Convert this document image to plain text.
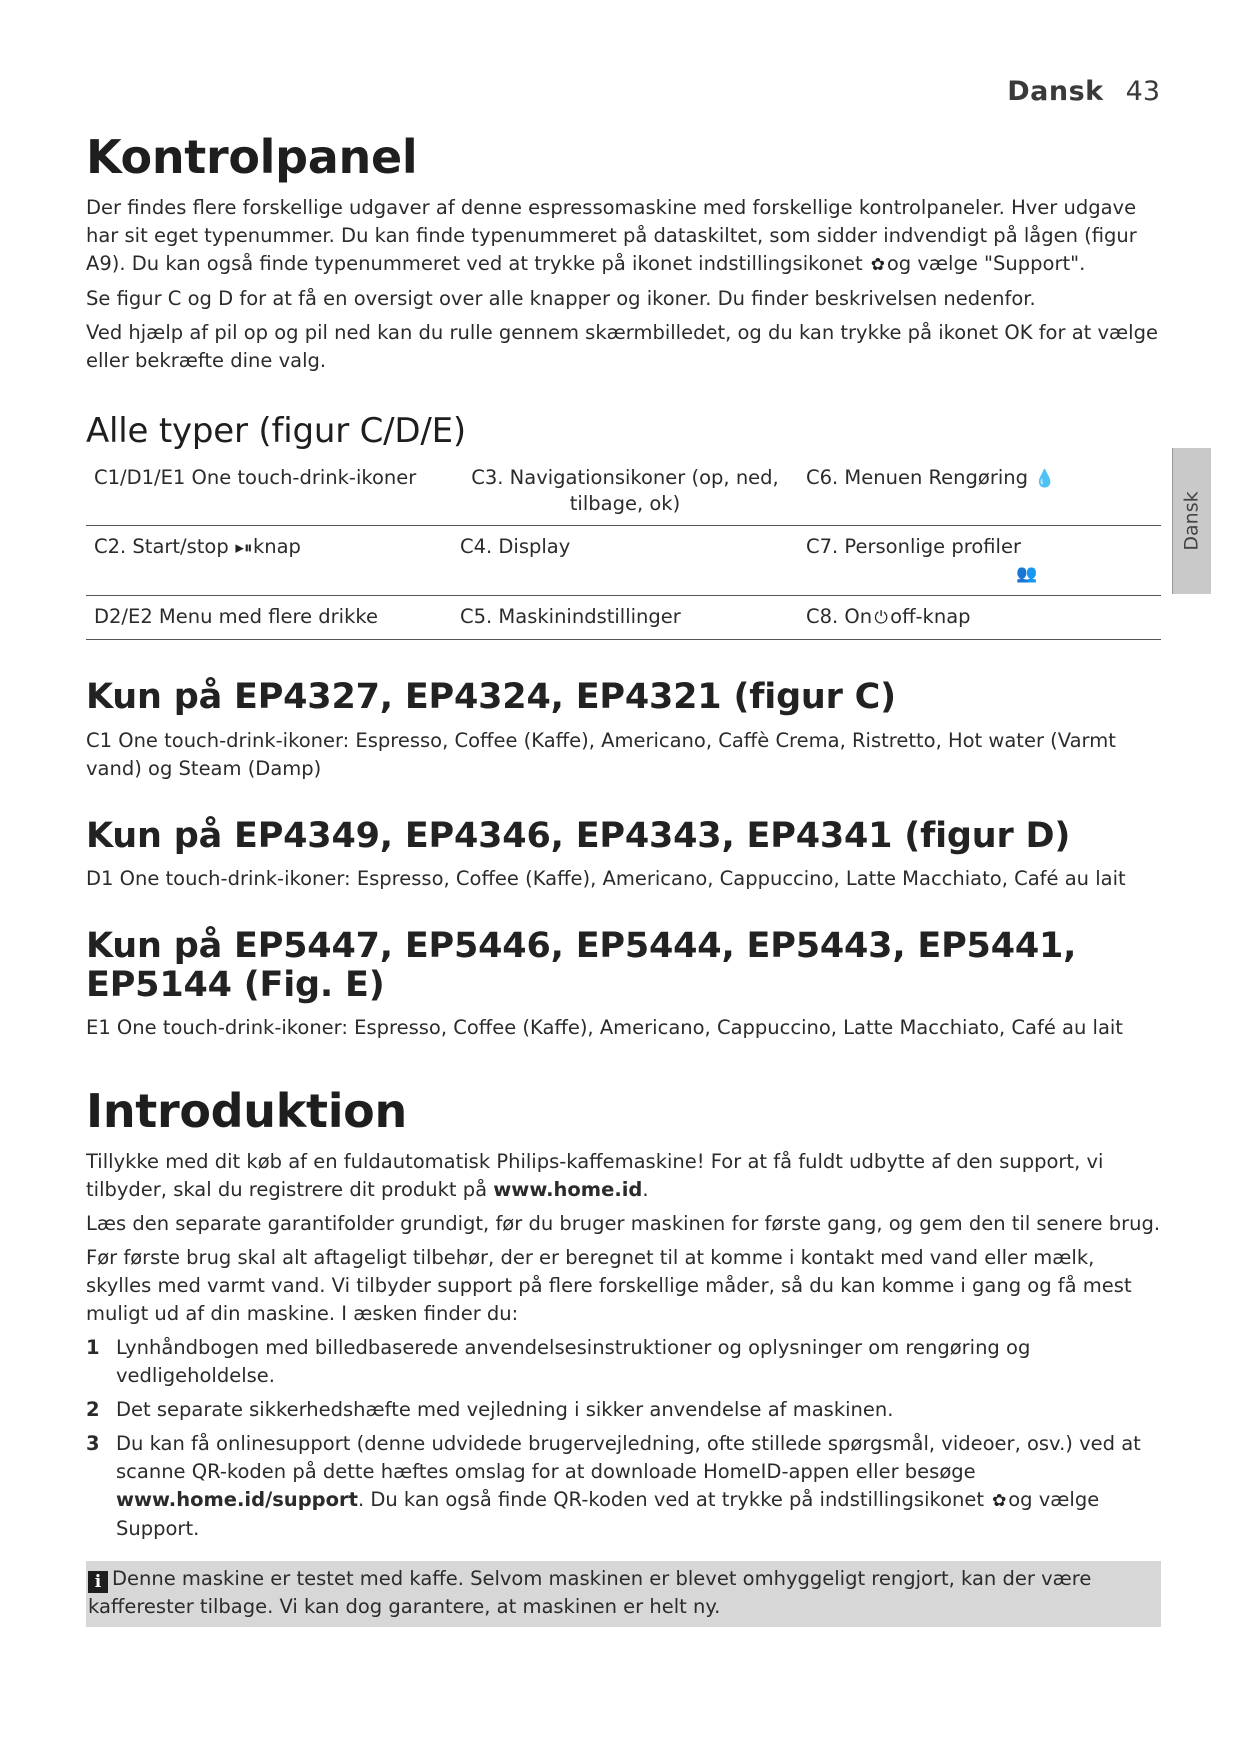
Dansk 43
Dansk
Kontrolpanel

Der findes flere forskellige udgaver af denne espressomaskine med forskellige kontrolpaneler. Hver udgave har sit eget typenummer. Du kan finde typenummeret på dataskiltet, som sidder indvendigt på lågen (figur A9). Du kan også finde typenummeret ved at trykke på ikonet indstillingsikonet ✿og vælge "Support".

Se figur C og D for at få en oversigt over alle knapper og ikoner. Du finder beskrivelsen nedenfor.

Ved hjælp af pil op og pil ned kan du rulle gennem skærmbilledet, og du kan trykke på ikonet OK for at vælge eller bekræfte dine valg.

Alle typer (figur C/D/E)
C1/D1/E1 One touch-drink-ikoner	C3. Navigationsikoner (op, ned, tilbage, ok)	C6. Menuen Rengøring 💧
C2. Start/stop ▸⏸knap	C4. Display	C7. Personlige profiler👥
D2/E2 Menu med flere drikke	C5. Maskinindstillinger	C8. On ⏻ off-knap
Kun på EP4327, EP4324, EP4321 (figur C)

C1 One touch-drink-ikoner: Espresso, Coffee (Kaffe), Americano, Caffè Crema, Ristretto, Hot water (Varmt vand) og Steam (Damp)

Kun på EP4349, EP4346, EP4343, EP4341 (figur D)

D1 One touch-drink-ikoner: Espresso, Coffee (Kaffe), Americano, Cappuccino, Latte Macchiato, Café au lait

Kun på EP5447, EP5446, EP5444, EP5443, EP5441, EP5144 (Fig. E)

E1 One touch-drink-ikoner: Espresso, Coffee (Kaffe), Americano, Cappuccino, Latte Macchiato, Café au lait

Introduktion

Tillykke med dit køb af en fuldautomatisk Philips-kaffemaskine! For at få fuldt udbytte af den support, vi tilbyder, skal du registrere dit produkt på www.home.id.

Læs den separate garantifolder grundigt, før du bruger maskinen for første gang, og gem den til senere brug.

Før første brug skal alt aftageligt tilbehør, der er beregnet til at komme i kontakt med vand eller mælk, skylles med varmt vand. Vi tilbyder support på flere forskellige måder, så du kan komme i gang og få mest muligt ud af din maskine. I æsken finder du:

1 Lynhåndbogen med billedbaserede anvendelsesinstruktioner og oplysninger om rengøring og vedligeholdelse.
2 Det separate sikkerhedshæfte med vejledning i sikker anvendelse af maskinen.
3 Du kan få onlinesupport (denne udvidede brugervejledning, ofte stillede spørgsmål, videoer, osv.) ved at scanne QR-koden på dette hæftes omslag for at downloade HomeID-appen eller besøge www.home.id/support. Du kan også finde QR-koden ved at trykke på indstillingsikonet ✿og vælge Support.
i Denne maskine er testet med kaffe. Selvom maskinen er blevet omhyggeligt rengjort, kan der være kafferester tilbage. Vi kan dog garantere, at maskinen er helt ny.
